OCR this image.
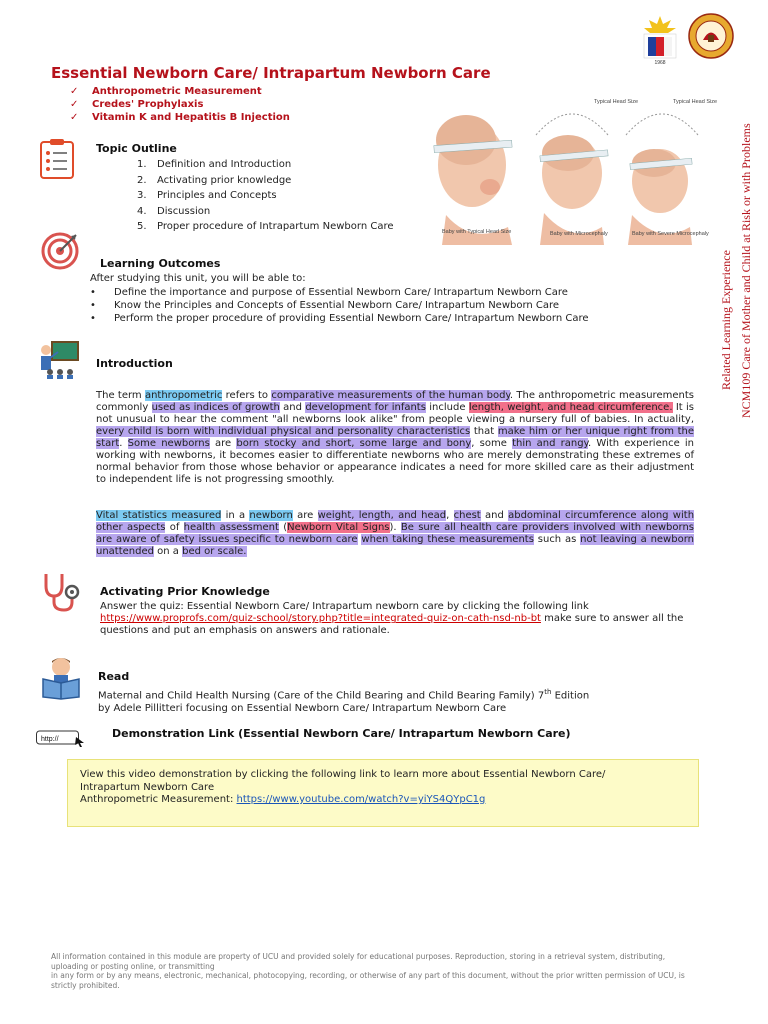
1968
Essential Newborn Care/ Intrapartum Newborn Care
✓ Anthropometric Measurement
✓ Credes' Prophylaxis
✓ Vitamin K and Hepatitis B Injection
Typical Head Size	Typical Head Size
Baby with Typical Head Size	Baby with Microcephaly	Baby with Severe Microcephaly
Related Learning Experience NCM109 Care of Mother and Child at Risk or with Problems
Topic Outline
1. Definition and Introduction
2. Activating prior knowledge
3. Principles and Concepts
4. Discussion
5. Proper procedure of Intrapartum Newborn Care
Learning Outcomes
After studying this unit, you will be able to:
• Define the importance and purpose of Essential Newborn Care/ Intrapartum Newborn Care
• Know the Principles and Concepts of Essential Newborn Care/ Intrapartum Newborn Care
• Perform the proper procedure of providing Essential Newborn Care/ Intrapartum Newborn Care
Introduction
The term anthropometric refers to comparative measurements of the human body. The anthropometric measurements commonly used as indices of growth and development for infants include length, weight, and head circumference. It is not unusual to hear the comment "all newborns look alike" from people viewing a nursery full of babies. In actuality, every child is born with individual physical and personality characteristics that make him or her unique right from the start. Some newborns are born stocky and short, some large and bony, some thin and rangy. With experience in working with newborns, it becomes easier to differentiate newborns who are merely demonstrating these extremes of normal behavior from those whose behavior or appearance indicates a need for more skilled care as their adjustment to independent life is not progressing smoothly.
Vital statistics measured in a newborn are weight, length, and head, chest and abdominal circumference along with other aspects of health assessment (Newborn Vital Signs). Be sure all health care providers involved with newborns are aware of safety issues specific to newborn care when taking these measurements such as not leaving a newborn unattended on a bed or scale.
Activating Prior Knowledge
Answer the quiz: Essential Newborn Care/ Intrapartum newborn care by clicking the following link
https://www.proprofs.com/quiz-school/story.php?title=integrated-quiz-on-cath-nsd-nb-bt make sure to answer all the questions and put an emphasis on answers and rationale.
Read
Maternal and Child Health Nursing (Care of the Child Bearing and Child Bearing Family) 7th Edition
by Adele Pillitteri focusing on Essential Newborn Care/ Intrapartum Newborn Care
http://	Demonstration Link (Essential Newborn Care/ Intrapartum Newborn Care)
View this video demonstration by clicking the following link to learn more about Essential Newborn Care/ Intrapartum Newborn Care
Anthropometric Measurement: https://www.youtube.com/watch?v=yiYS4QYpC1g
All information contained in this module are property of UCU and provided solely for educational purposes. Reproduction, storing in a retrieval system, distributing, uploading or posting online, or transmitting
in any form or by any means, electronic, mechanical, photocopying, recording, or otherwise of any part of this document, without the prior written permission of UCU, is strictly prohibited.
